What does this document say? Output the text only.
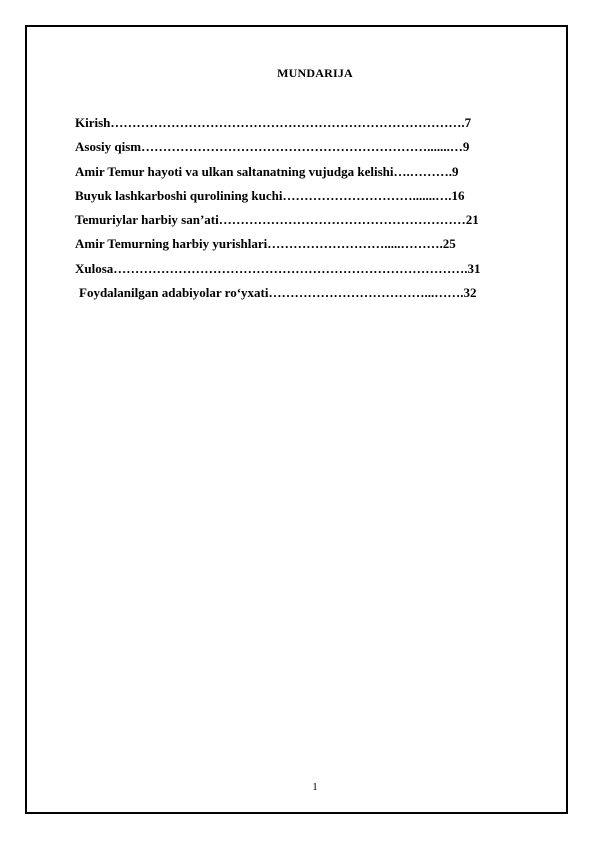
MUNDARIJA
Kirish……………………………………………………………………….7
Asosiy qism………………………………………………………….......…9
Amir Temur hayoti va ulkan saltanatning vujudga kelishi….……….9
Buyuk lashkarboshi qurolining kuchi………………………….......….16
Temuriylar harbiy san’ati…………………………………………………21
Amir Temurning harbiy yurishlari……………………….....……….25
Xulosa……………………………………………………………………….31
Foydalanilgan adabiyolar ro‘yxati………………………………...…….32
1
